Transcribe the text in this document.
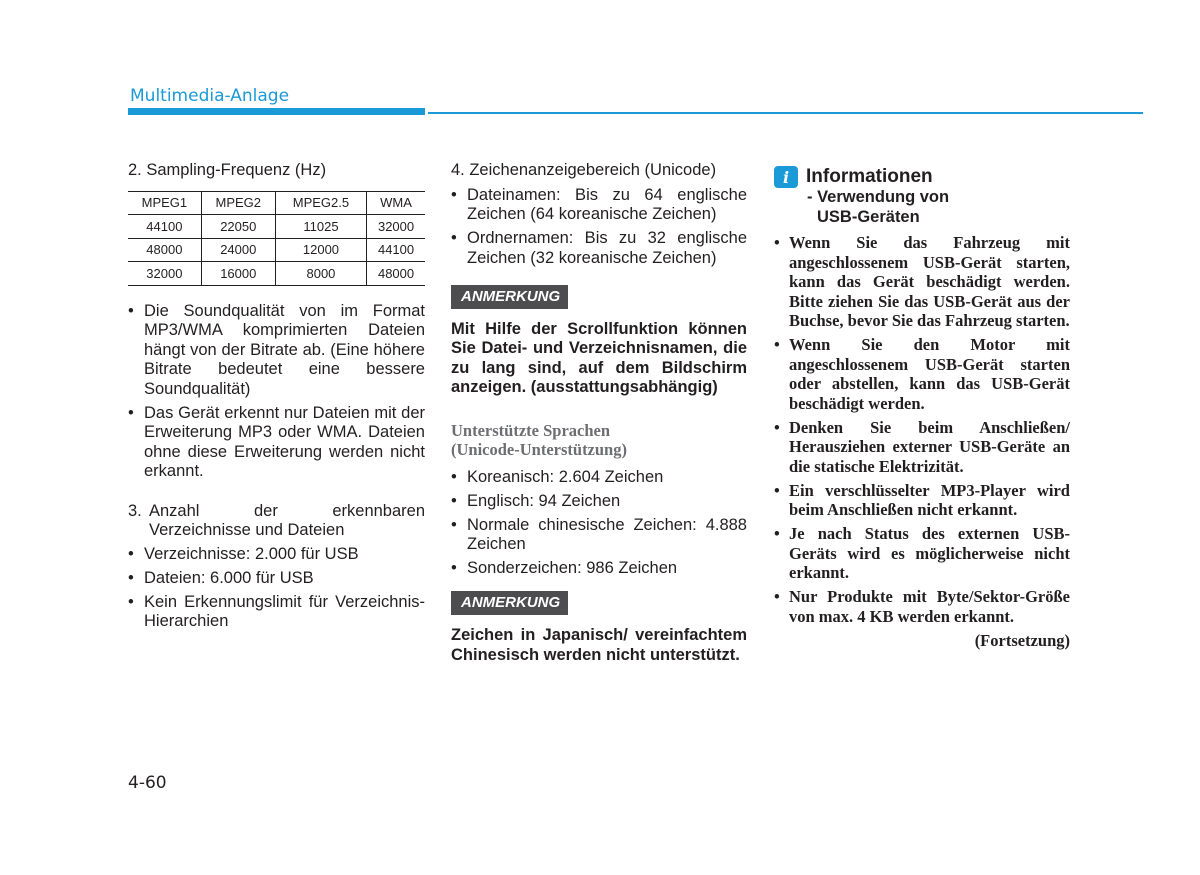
Multimedia-Anlage
2. Sampling-Frequenz (Hz)
MPEG1	MPEG2	MPEG2.5	WMA
44100	22050	11025	32000
48000	24000	12000	44100
32000	16000	8000	48000
• Die Soundqualität von im Format MP3/WMA komprimierten Dateien hängt von der Bitrate ab. (Eine höhere Bitrate bedeutet eine bessere Soundqualität)
• Das Gerät erkennt nur Dateien mit der Erweiterung MP3 oder WMA. Dateien ohne diese Erweiterung werden nicht erkannt.
3. Anzahl der erkennbaren
Verzeichnisse und Dateien
• Verzeichnisse: 2.000 für USB
• Dateien: 6.000 für USB
• Kein Erkennungslimit für Verzeichnis-Hierarchien
4. Zeichenanzeigebereich (Unicode)
• Dateinamen: Bis zu 64 englische Zeichen (64 koreanische Zeichen)
• Ordnernamen: Bis zu 32 englische Zeichen (32 koreanische Zeichen)
ANMERKUNG
Mit Hilfe der Scrollfunktion können Sie Datei- und Verzeichnisnamen, die zu lang sind, auf dem Bildschirm anzeigen. (ausstattungsabhängig)
Unterstützte Sprachen
(Unicode-Unterstützung)
• Koreanisch: 2.604 Zeichen
• Englisch: 94 Zeichen
• Normale chinesische Zeichen: 4.888 Zeichen
• Sonderzeichen: 986 Zeichen
ANMERKUNG
Zeichen in Japanisch/ vereinfachtem Chinesisch werden nicht unterstützt.
i Informationen
- Verwendung von
USB-Geräten
• Wenn Sie das Fahrzeug mit angeschlossenem USB-Gerät starten, kann das Gerät beschädigt werden. Bitte ziehen Sie das USB-Gerät aus der Buchse, bevor Sie das Fahrzeug starten.
• Wenn Sie den Motor mit angeschlossenem USB-Gerät starten oder abstellen, kann das USB-Gerät beschädigt werden.
• Denken Sie beim Anschließen/ Herausziehen externer USB-Geräte an die statische Elektrizität.
• Ein verschlüsselter MP3-Player wird beim Anschließen nicht erkannt.
• Je nach Status des externen USB-Geräts wird es möglicherweise nicht erkannt.
• Nur Produkte mit Byte/Sektor-Größe von max. 4 KB werden erkannt.
(Fortsetzung)
4-60
